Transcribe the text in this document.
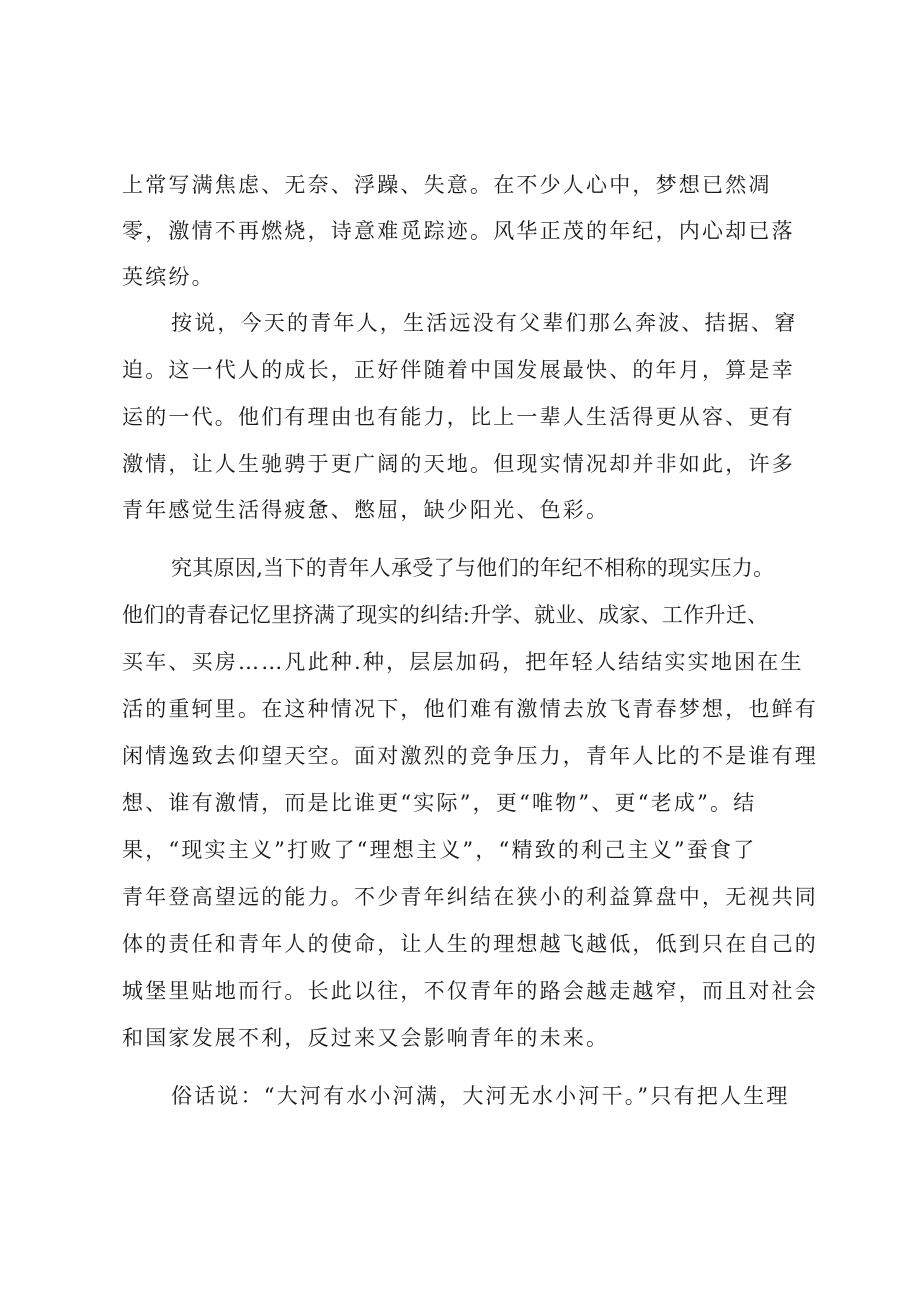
上常写满焦虑、无奈、浮躁、失意。在不少人心中，梦想已然凋

零，激情不再燃烧，诗意难觅踪迹。风华正茂的年纪，内心却已落

英缤纷。

按说，今天的青年人，生活远没有父辈们那么奔波、拮据、窘

迫。这一代人的成长，正好伴随着中国发展最快、的年月，算是幸

运的一代。他们有理由也有能力，比上一辈人生活得更从容、更有

激情，让人生驰骋于更广阔的天地。但现实情况却并非如此，许多

青年感觉生活得疲惫、憋屈，缺少阳光、色彩。

究其原因,当下的青年人承受了与他们的年纪不相称的现实压力。

他们的青春记忆里挤满了现实的纠结:升学、就业、成家、工作升迁、

买车、买房……凡此种.种，层层加码，把年轻人结结实实地困在生

活的重轲里。在这种情况下，他们难有激情去放飞青春梦想，也鲜有

闲情逸致去仰望天空。面对激烈的竞争压力，青年人比的不是谁有理

想、谁有激情，而是比谁更“实际”，更“唯物”、更“老成”。结

果，“现实主义”打败了“理想主义”，“精致的利己主义”蚕食了

青年登高望远的能力。不少青年纠结在狭小的利益算盘中，无视共同

体的责任和青年人的使命，让人生的理想越飞越低，低到只在自己的

城堡里贴地而行。长此以往，不仅青年的路会越走越窄，而且对社会

和国家发展不利，反过来又会影响青年的未来。

俗话说：“大河有水小河满，大河无水小河干。”只有把人生理
